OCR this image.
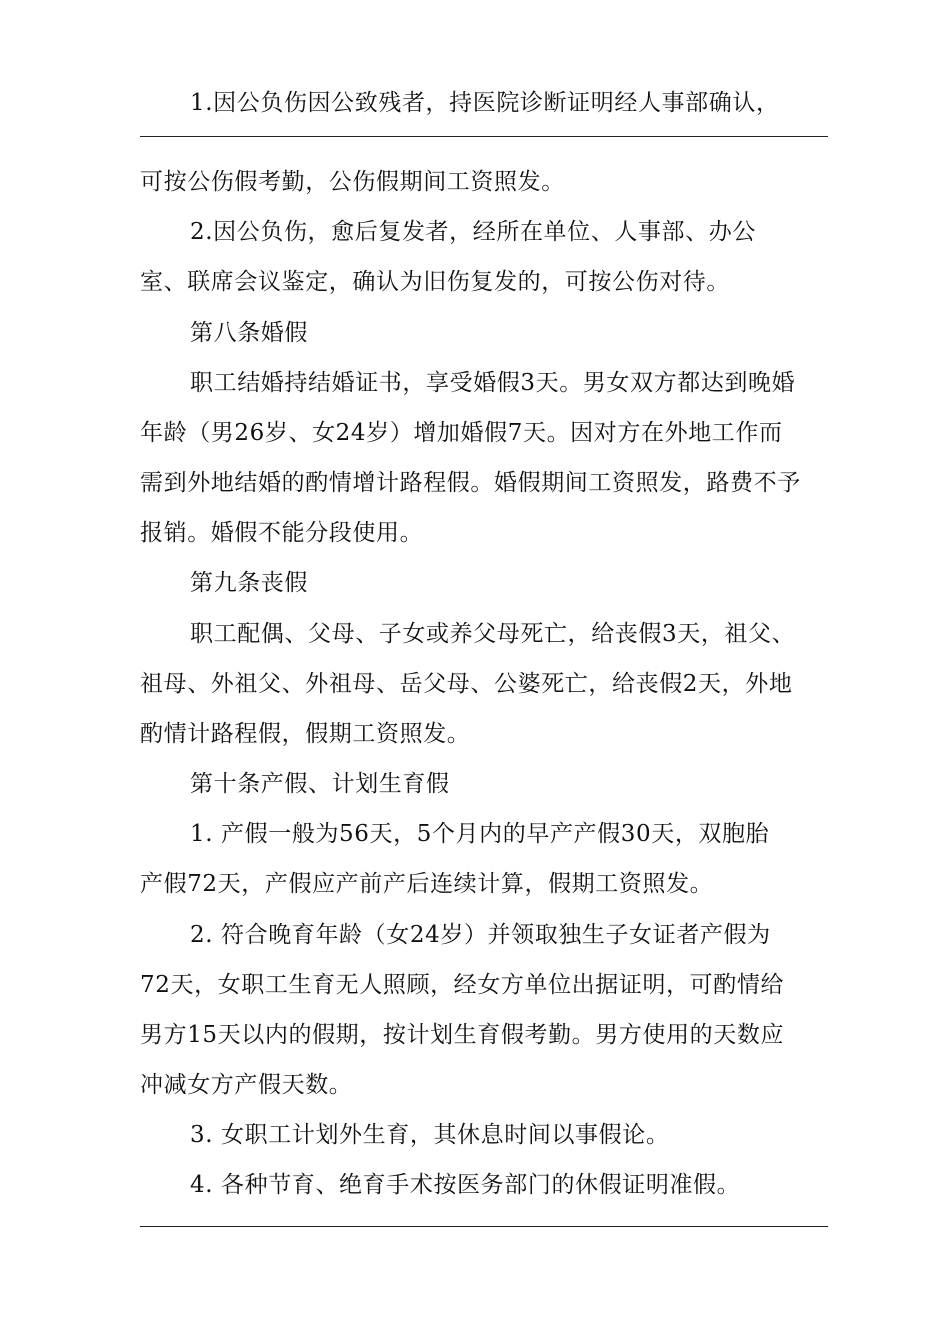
1.因公负伤因公致残者，持医院诊断证明经人事部确认，
可按公伤假考勤，公伤假期间工资照发。
2.因公负伤，愈后复发者，经所在单位、人事部、办公
室、联席会议鉴定，确认为旧伤复发的，可按公伤对待。
第八条婚假
职工结婚持结婚证书，享受婚假3天。男女双方都达到晚婚
年龄（男26岁、女24岁）增加婚假7天。因对方在外地工作而
需到外地结婚的酌情增计路程假。婚假期间工资照发，路费不予
报销。婚假不能分段使用。
第九条丧假
职工配偶、父母、子女或养父母死亡，给丧假3天，祖父、
祖母、外祖父、外祖母、岳父母、公婆死亡，给丧假2天，外地
酌情计路程假，假期工资照发。
第十条产假、计划生育假
1. 产假一般为56天，5个月内的早产产假30天，双胞胎
产假72天，产假应产前产后连续计算，假期工资照发。
2. 符合晚育年龄（女24岁）并领取独生子女证者产假为
72天，女职工生育无人照顾，经女方单位出据证明，可酌情给
男方15天以内的假期，按计划生育假考勤。男方使用的天数应
冲减女方产假天数。
3. 女职工计划外生育，其休息时间以事假论。
4. 各种节育、绝育手术按医务部门的休假证明准假。
